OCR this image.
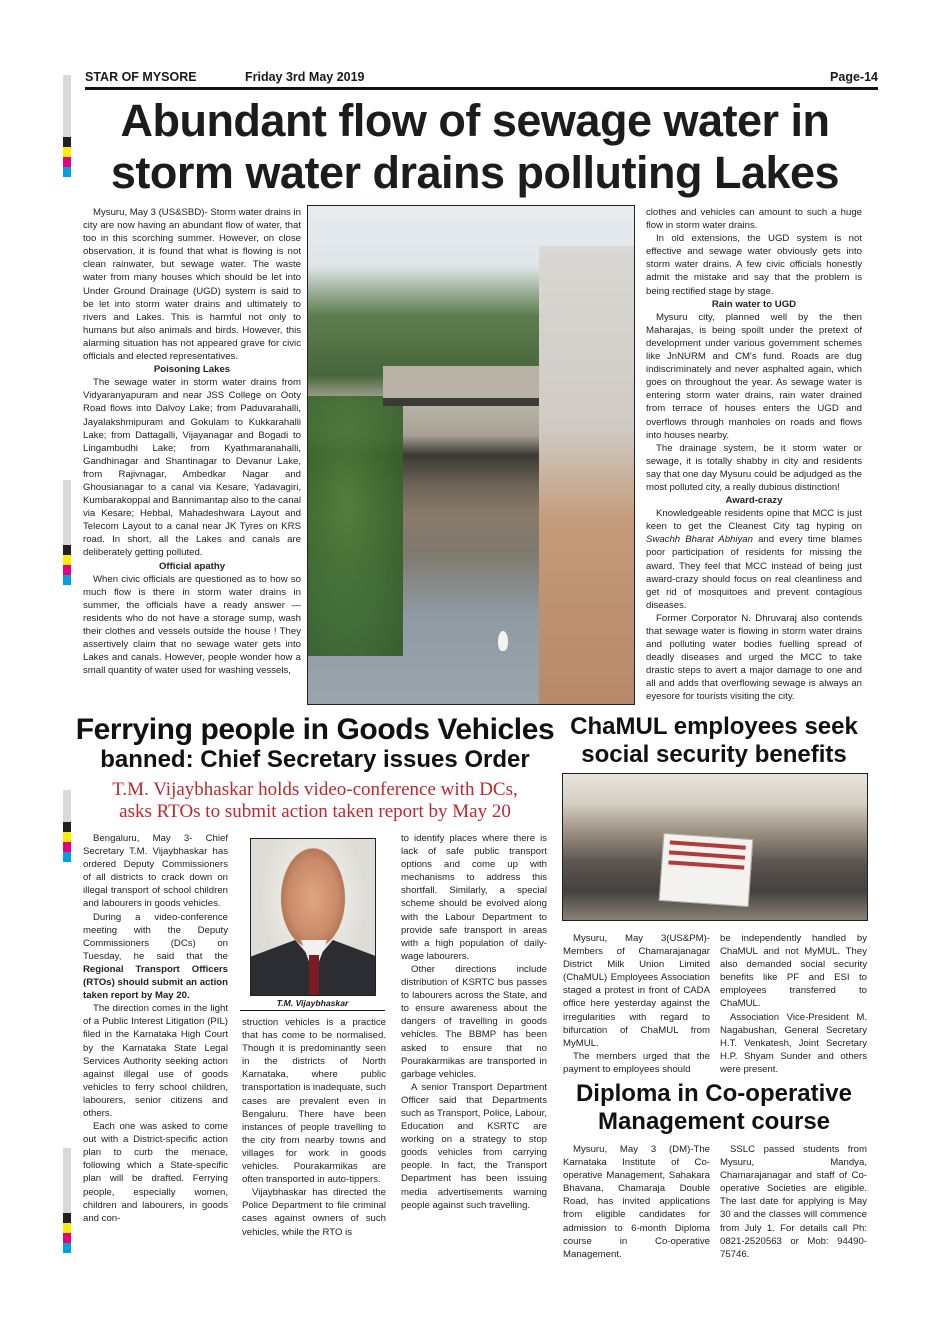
STAR OF MYSORE	Friday 3rd May 2019	Page-14
Abundant flow of sewage water in
storm water drains polluting Lakes

Mysuru, May 3 (US&SBD)- Storm water drains in city are now having an abundant flow of water, that too in this scorching summer. However, on close observation, it is found that what is flowing is not clean rainwater, but sewage water. The waste water from many houses which should be let into Under Ground Drainage (UGD) system is said to be let into storm water drains and ultimately to rivers and Lakes. This is harmful not only to humans but also animals and birds. However, this alarming situation has not appeared grave for civic officials and elected representatives.

Poisoning Lakes

The sewage water in storm water drains from Vidyaranyapuram and near JSS College on Ooty Road flows into Dalvoy Lake; from Paduvarahalli, Jayalakshmipuram and Gokulam to Kukkarahalli Lake; from Dattagalli, Vijayanagar and Bogadi to Lingambudhi Lake; from Kyathmaranahalli, Gandhinagar and Shantinagar to Devanur Lake, from Rajivnagar, Ambedkar Nagar and Ghousianagar to a canal via Kesare, Yadavagiri, Kumbarakoppal and Bannimantap also to the canal via Kesare; Hebbal, Mahadeshwara Layout and Telecom Layout to a canal near JK Tyres on KRS road. In short, all the Lakes and canals are deliberately getting polluted.

Official apathy

When civic officials are questioned as to how so much flow is there in storm water drains in summer, the officials have a ready answer — residents who do not have a storage sump, wash their clothes and vessels outside the house ! They assertively claim that no sewage water gets into Lakes and canals. However, people wonder how a small quantity of water used for washing vessels,

clothes and vehicles can amount to such a huge flow in storm water drains.

In old extensions, the UGD system is not effective and sewage water obviously gets into storm water drains. A few civic officials honestly admit the mistake and say that the problem is being rectified stage by stage.

Rain water to UGD

Mysuru city, planned well by the then Maharajas, is being spoilt under the pretext of development under various government schemes like JnNURM and CM's fund. Roads are dug indiscriminately and never asphalted again, which goes on throughout the year. As sewage water is entering storm water drains, rain water drained from terrace of houses enters the UGD and overflows through manholes on roads and flows into houses nearby.

The drainage system, be it storm water or sewage, it is totally shabby in city and residents say that one day Mysuru could be adjudged as the most polluted city, a really dubious distinction!

Award-crazy

Knowledgeable residents opine that MCC is just keen to get the Cleanest City tag hyping on Swachh Bharat Abhiyan and every time blames poor participation of residents for missing the award. They feel that MCC instead of being just award-crazy should focus on real cleanliness and get rid of mosquitoes and prevent contagious diseases.

Former Corporator N. Dhruvaraj also contends that sewage water is flowing in storm water drains and polluting water bodies fuelling spread of deadly diseases and urged the MCC to take drastic steps to avert a major damage to one and all and adds that overflowing sewage is always an eyesore for tourists visiting the city.

Ferrying people in Goods Vehicles
banned: Chief Secretary issues Order
T.M. Vijaybhaskar holds video-conference with DCs,
asks RTOs to submit action taken report by May 20

Bengaluru, May 3- Chief Secretary T.M. Vijaybhaskar has ordered Deputy Commissioners of all districts to crack down on illegal transport of school children and labourers in goods vehicles.

During a video-conference meeting with the Deputy Commissioners (DCs) on Tuesday, he said that the Regional Transport Officers (RTOs) should submit an action taken report by May 20.

The direction comes in the light of a Public Interest Litigation (PIL) filed in the Karnataka High Court by the Karnataka State Legal Services Authority seeking action against illegal use of goods vehicles to ferry school children, labourers, senior citizens and others.

Each one was asked to come out with a District-specific action plan to curb the menace, following which a State-specific plan will be drafted. Ferrying people, especially women, children and labourers, in goods and con-

T.M. Vijaybhaskar

struction vehicles is a practice that has come to be normalised. Though it is predominantly seen in the districts of North Karnataka, where public transportation is inadequate, such cases are prevalent even in Bengaluru. There have been instances of people travelling to the city from nearby towns and villages for work in goods vehicles. Pourakarmikas are often transported in auto-tippers.

Vijaybhaskar has directed the Police Department to file criminal cases against owners of such vehicles, while the RTO is

to identify places where there is lack of safe public transport options and come up with mechanisms to address this shortfall. Similarly, a special scheme should be evolved along with the Labour Department to provide safe transport in areas with a high population of daily-wage labourers.

Other directions include distribution of KSRTC bus passes to labourers across the State, and to ensure awareness about the dangers of travelling in goods vehicles. The BBMP has been asked to ensure that no Pourakarmikas are transported in garbage vehicles.

A senior Transport Department Officer said that Departments such as Transport, Police, Labour, Education and KSRTC are working on a strategy to stop goods vehicles from carrying people. In fact, the Transport Department has been issuing media advertisements warning people against such travelling.

ChaMUL employees seek
social security benefits

Mysuru, May 3(US&PM)- Members of Chamarajanagar District Milk Union Limited (ChaMUL) Employees Association staged a protest in front of CADA office here yesterday against the irregularities with regard to bifurcation of ChaMUL from MyMUL.

The members urged that the payment to employees should

be independently handled by ChaMUL and not MyMUL. They also demanded social security benefits like PF and ESI to employees transferred to ChaMUL.

Association Vice-President M. Nagabushan, General Secretary H.T. Venkatesh, Joint Secretary H.P. Shyam Sunder and others were present.

Diploma in Co-operative
Management course

Mysuru, May 3 (DM)-The Karnataka Institute of Co-operative Management, Sahakara Bhavana, Chamaraja Double Road, has invited applications from eligible candidates for admission to 6-month Diploma course in Co-operative Management.

SSLC passed students from Mysuru, Mandya, Chamarajanagar and staff of Co-operative Societies are eligible. The last date for applying is May 30 and the classes will commence from July 1. For details call Ph: 0821-2520563 or Mob: 94490-75746.
